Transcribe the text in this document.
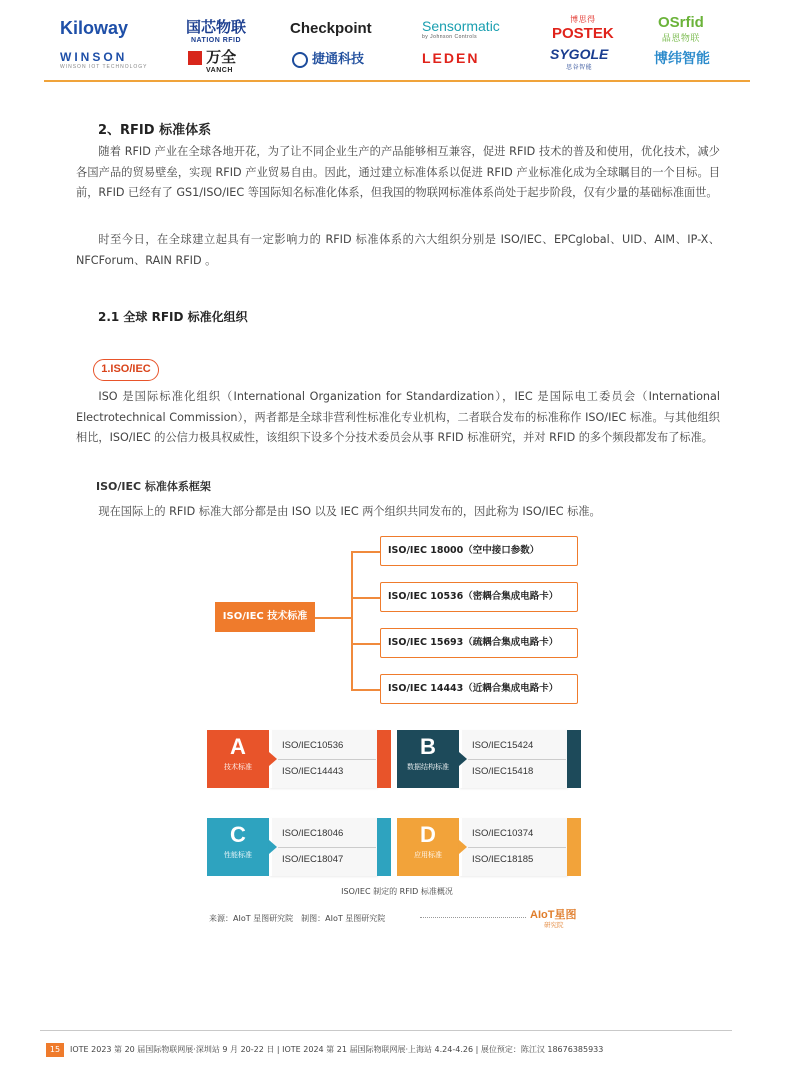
Kiloway	国芯物联
NATION RFID
Checkpoint	Sensormatic
by Johnson Controls
博思得
POSTEK
OSrfid
晶恩物联
WINSON
WINSON IOT TECHNOLOGY
万全
VANCH
捷通科技	LEDEN	SYGOLE
思谷智能
博纬智能
2、RFID 标准体系
随着 RFID 产业在全球各地开花，为了让不同企业生产的产品能够相互兼容，促进 RFID 技术的普及和使用，优化技术，减少各国产品的贸易壁垒，实现 RFID 产业贸易自由。因此，通过建立标准体系以促进 RFID 产业标准化成为全球瞩目的一个目标。目前，RFID 已经有了 GS1/ISO/IEC 等国际知名标准化体系，但我国的物联网标准体系尚处于起步阶段，仅有少量的基础标准面世。
时至今日，在全球建立起具有一定影响力的 RFID 标准体系的六大组织分别是 ISO/IEC、EPCglobal、UID、AIM、IP-X、NFCForum、RAIN RFID 。
2.1 全球 RFID 标准化组织
1.ISO/IEC
ISO 是国际标准化组织（International Organization for Standardization），IEC 是国际电工委员会（International Electrotechnical Commission），两者都是全球非营利性标准化专业机构，二者联合发布的标准称作 ISO/IEC 标准。与其他组织相比，ISO/IEC 的公信力极具权威性，该组织下设多个分技术委员会从事 RFID 标准研究，并对 RFID 的多个频段都发布了标准。
ISO/IEC 标准体系框架
现在国际上的 RFID 标准大部分都是由 ISO 以及 IEC 两个组织共同发布的，因此称为 ISO/IEC 标准。
ISO/IEC 技术标准
ISO/IEC 18000（空中接口参数）
ISO/IEC 10536（密耦合集成电路卡）
ISO/IEC 15693（疏耦合集成电路卡）
ISO/IEC 14443（近耦合集成电路卡）
A
技术标准
ISO/IEC10536
ISO/IEC14443
B
数据结构标准
ISO/IEC15424
ISO/IEC15418
C
性能标准
ISO/IEC18046
ISO/IEC18047
D
应用标准
ISO/IEC10374
ISO/IEC18185
ISO/IEC 制定的 RFID 标准概况
来源：AIoT 星图研究院　制图：AIoT 星图研究院	AIoT星图
研究院
15	IOTE 2023 第 20 届国际物联网展·深圳站 9 月 20-22 日 | IOTE 2024 第 21 届国际物联网展·上海站 4.24-4.26 | 展位预定：陈江汉 18676385933
